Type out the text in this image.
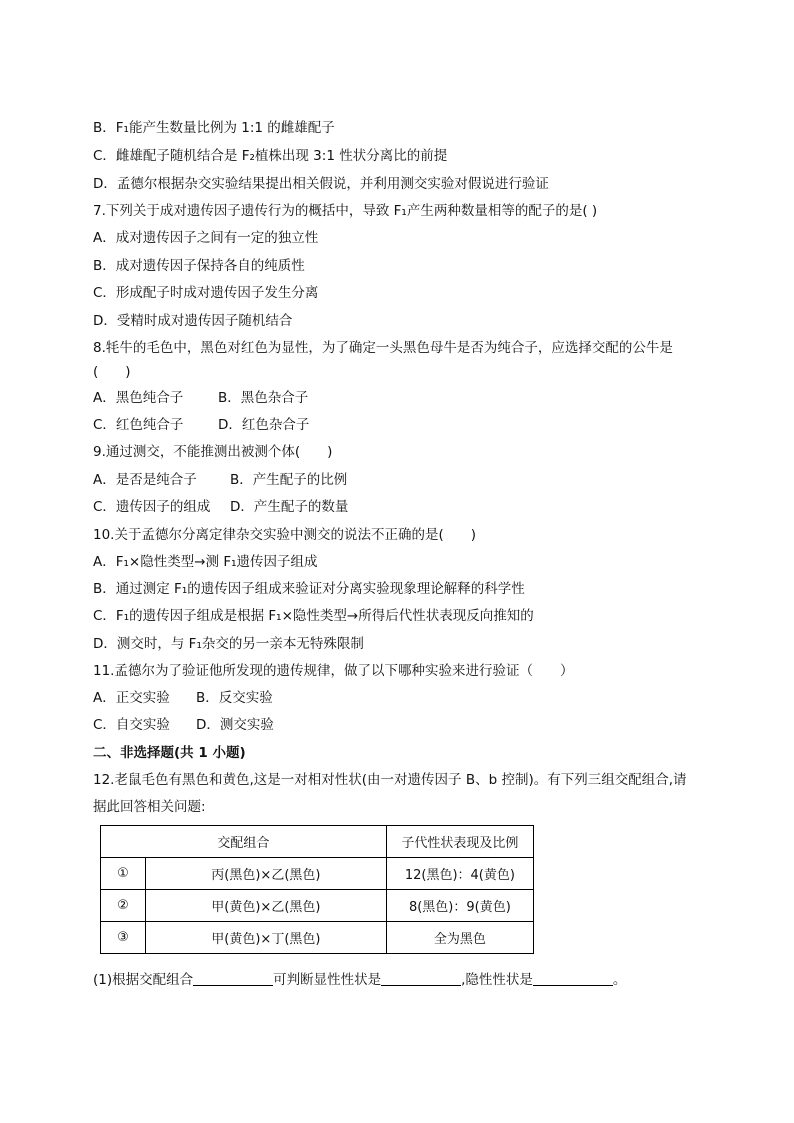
B．F₁能产生数量比例为 1:1 的雌雄配子
C．雌雄配子随机结合是 F₂植株出现 3:1 性状分离比的前提
D．孟德尔根据杂交实验结果提出相关假说，并利用测交实验对假说进行验证
7.下列关于成对遗传因子遗传行为的概括中，导致 F₁产生两种数量相等的配子的是( )
A．成对遗传因子之间有一定的独立性
B．成对遗传因子保持各自的纯质性
C．形成配子时成对遗传因子发生分离
D．受精时成对遗传因子随机结合
8.牦牛的毛色中，黑色对红色为显性，为了确定一头黑色母牛是否为纯合子，应选择交配的公牛是
(　　)
A．黑色纯合子	B．黑色杂合子
C．红色纯合子	D．红色杂合子
9.通过测交，不能推测出被测个体(　　)
A．是否是纯合子 B．产生配子的比例
C．遗传因子的组成 D．产生配子的数量
10.关于孟德尔分离定律杂交实验中测交的说法不正确的是(　　)
A．F₁×隐性类型→测 F₁遗传因子组成
B．通过测定 F₁的遗传因子组成来验证对分离实验现象理论解释的科学性
C．F₁的遗传因子组成是根据 F₁×隐性类型→所得后代性状表现反向推知的
D．测交时，与 F₁杂交的另一亲本无特殊限制
11.孟德尔为了验证他所发现的遗传规律，做了以下哪种实验来进行验证（　　）
A．正交实验 B．反交实验
C．自交实验 D．测交实验
二、非选择题(共 1 小题)
12.老鼠毛色有黑色和黄色,这是一对相对性状(由一对遗传因子 B、b 控制)。有下列三组交配组合,请
据此回答相关问题:
交配组合		子代性状表现及比例
①	丙(黑色)×乙(黑色)	12(黑色)：4(黄色)
②	甲(黄色)×乙(黑色)	8(黑色)：9(黄色)
③	甲(黄色)×丁(黑色)	全为黑色
(1)根据交配组合	可判断显性性状是	,隐性性状是	。
